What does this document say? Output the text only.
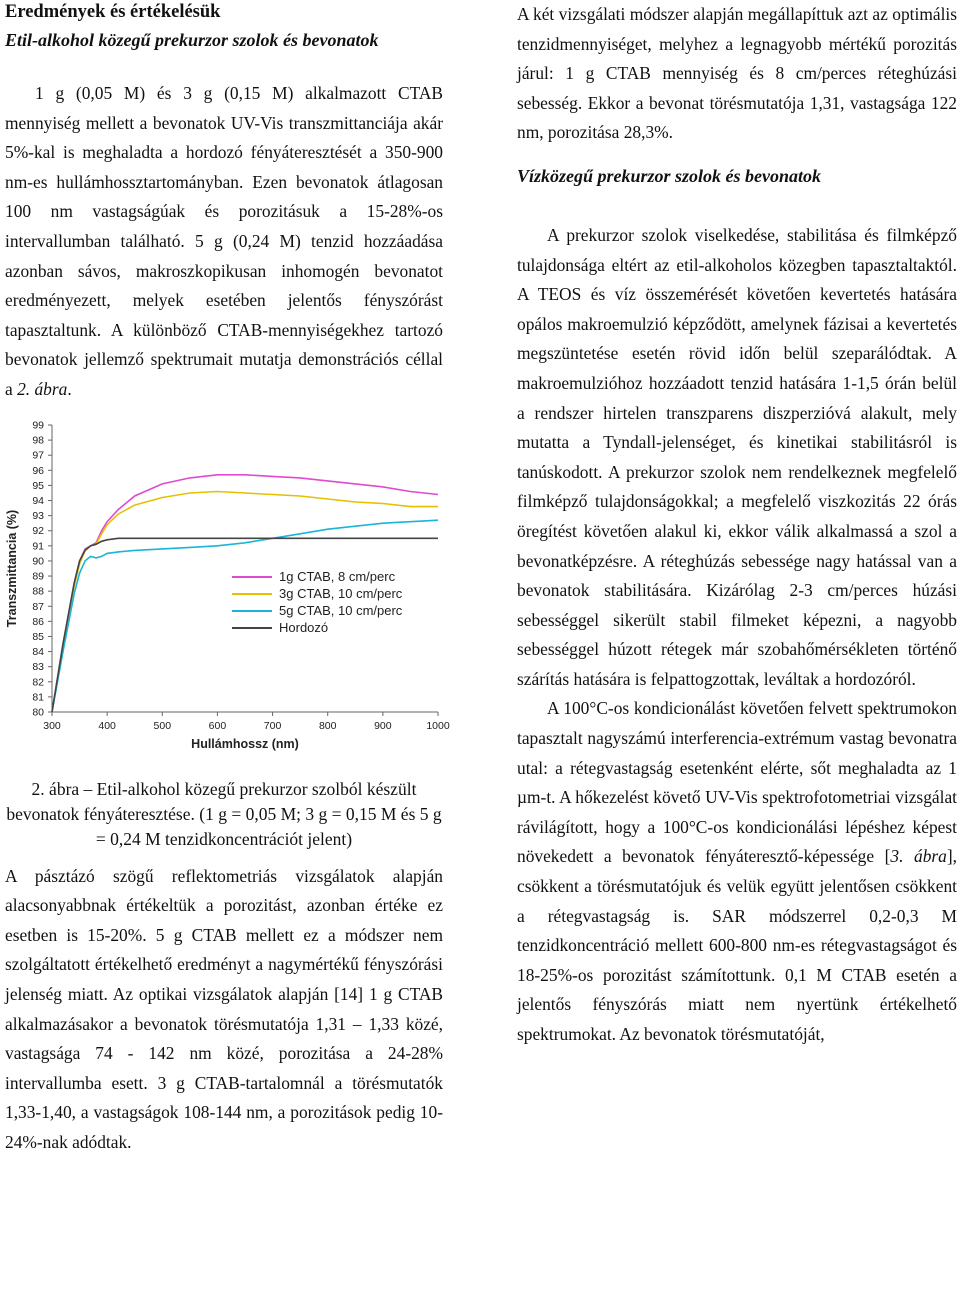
Eredmények és értékelésük

Etil-alkohol közegű prekurzor szolok és bevonatok

1 g (0,05 M) és 3 g (0,15 M) alkalmazott CTAB mennyiség mellett a bevonatok UV-Vis transzmittanciája akár 5%-kal is meghaladta a hordozó fényáteresztését a 350-900 nm-es hullámhossztartományban. Ezen bevonatok átlagosan 100 nm vastagságúak és porozitásuk a 15-28%-os intervallumban található. 5 g (0,24 M) tenzid hozzáadása azonban sávos, makroszkopikusan inhomogén bevonatot eredményezett, melyek esetében jelentős fényszórást tapasztaltunk. A különböző CTAB-mennyiségekhez tartozó bevonatok jellemző spektrumait mutatja demonstrációs céllal a 2. ábra.

80
81
82
83
84
85
86
87
88
89
90
91
92
93
94
95
96
97
98
99
300	400	500	600	700	800	900	1000
Hullámhossz (nm)
Transzmittancia (%)	1g CTAB, 8 cm/perc
3g CTAB, 10 cm/perc
5g CTAB, 10 cm/perc
Hordozó

2. ábra – Etil-alkohol közegű prekurzor szolból készült bevonatok fényáteresztése. (1 g = 0,05 M; 3 g = 0,15 M és 5 g = 0,24 M tenzidkoncentrációt jelent)

A pásztázó szögű reflektometriás vizsgálatok alapján alacsonyabbnak értékeltük a porozitást, azonban értéke ez esetben is 15-20%. 5 g CTAB mellett ez a módszer nem szolgáltatott értékelhető eredményt a nagymértékű fényszórási jelenség miatt. Az optikai vizsgálatok alapján [14] 1 g CTAB alkalmazásakor a bevonatok törésmutatója 1,31 – 1,33 közé, vastagsága 74 - 142 nm közé, porozitása a 24-28% intervallumba esett. 3 g CTAB-tartalomnál a törésmutatók 1,33-1,40, a vastagságok 108-144 nm, a porozitások pedig 10-24%-nak adódtak.

A két vizsgálati módszer alapján megállapíttuk azt az optimális tenzidmennyiséget, melyhez a legnagyobb mértékű porozitás járul: 1 g CTAB mennyiség és 8 cm/perces réteghúzási sebesség. Ekkor a bevonat törésmutatója 1,31, vastagsága 122 nm, porozitása 28,3%.

Vízközegű prekurzor szolok és bevonatok

A prekurzor szolok viselkedése, stabilitása és filmképző tulajdonsága eltért az etil-alkoholos közegben tapasztaltaktól. A TEOS és víz összemérését követően kevertetés hatására opálos makroemulzió képződött, amelynek fázisai a kevertetés megszüntetése esetén rövid időn belül szeparálódtak. A makroemulzióhoz hozzáadott tenzid hatására 1-1,5 órán belül a rendszer hirtelen transzparens diszperzióvá alakult, mely mutatta a Tyndall-jelenséget, és kinetikai stabilitásról is tanúskodott. A prekurzor szolok nem rendelkeznek megfelelő filmképző tulajdonságokkal; a megfelelő viszkozitás 22 órás öregítést követően alakul ki, ekkor válik alkalmassá a szol a bevonatképzésre. A réteghúzás sebessége nagy hatással van a bevonatok stabilitására. Kizárólag 2-3 cm/perces húzási sebességgel sikerült stabil filmeket képezni, a nagyobb sebességgel húzott rétegek már szobahőmérsékleten történő szárítás hatására is felpattogzottak, leváltak a hordozóról.

A 100°C-os kondicionálást követően felvett spektrumokon tapasztalt nagyszámú interferencia-extrémum vastag bevonatra utal: a rétegvastagság esetenként elérte, sőt meghaladta az 1 µm-t. A hőkezelést követő UV-Vis spektrofotometriai vizsgálat rávilágított, hogy a 100°C-os kondicionálási lépéshez képest növekedett a bevonatok fényáteresztő-képessége [3. ábra], csökkent a törésmutatójuk és velük együtt jelentősen csökkent a rétegvastagság is. SAR módszerrel 0,2-0,3 M tenzidkoncentráció mellett 600-800 nm-es rétegvastagságot és 18-25%-os porozitást számítottunk. 0,1 M CTAB esetén a jelentős fényszórás miatt nem nyertünk értékelhető spektrumokat. Az bevonatok törésmutatóját,
